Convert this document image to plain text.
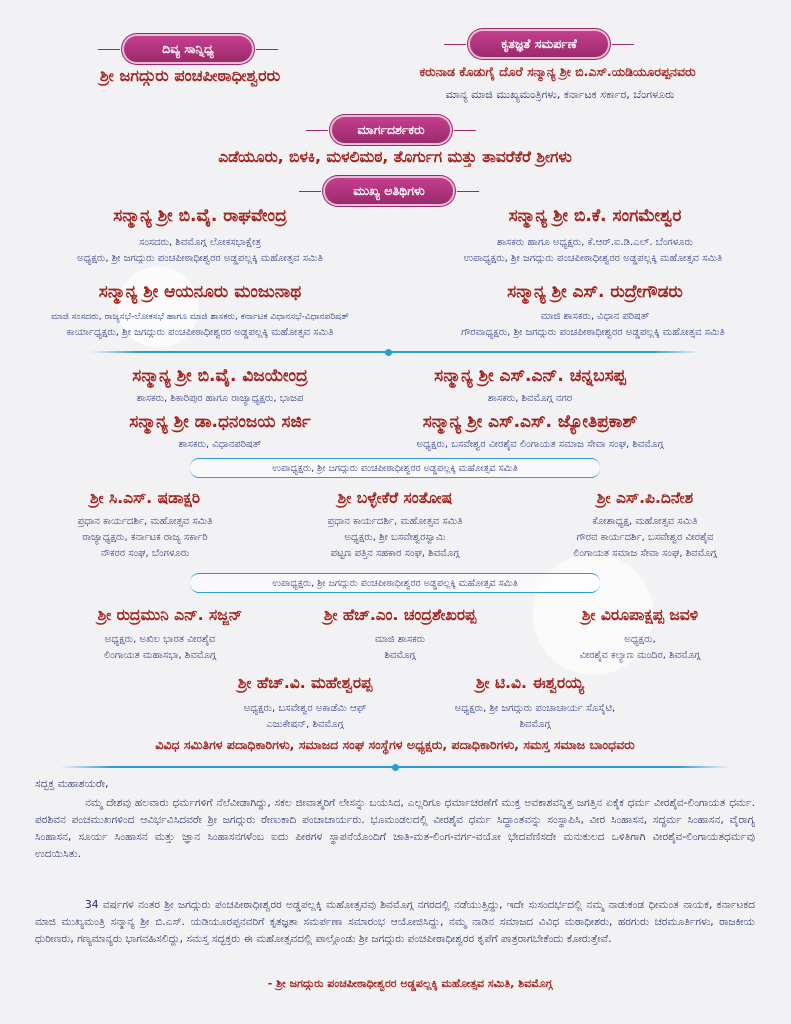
ದಿವ್ಯ ಸಾನ್ನಿಧ್ಯ	ಕೃತಜ್ಞತೆ ಸಮರ್ಪಣೆ
ಶ್ರೀ ಜಗದ್ಗುರು ಪಂಚಪೀಠಾಧೀಶ್ವರರು	ಕರುನಾಡ ಕೊಡುಗೈ ದೊರೆ ಸನ್ಮಾನ್ಯ ಶ್ರೀ ಬಿ.ಎಸ್.ಯಡಿಯೂರಪ್ಪನವರು
ಮಾನ್ಯ ಮಾಜಿ ಮುಖ್ಯಮಂತ್ರಿಗಳು, ಕರ್ನಾಟಕ ಸರ್ಕಾರ, ಬೆಂಗಳೂರು
ಮಾರ್ಗದರ್ಶಕರು
ಎಡೆಯೂರು, ಬಿಳಕಿ, ಮಳಲಿಮಠ, ತೊರ್ಗುಗ ಮತ್ತು ತಾವರೆಕೆರೆ ಶ್ರೀಗಳು
ಮುಖ್ಯ ಅತಿಥಿಗಳು
ಸನ್ಮಾನ್ಯ ಶ್ರೀ ಬಿ.ವೈ. ರಾಘವೇಂದ್ರ
ಸಂಸದರು, ಶಿವಮೊಗ್ಗ ಲೋಕಸಭಾಕ್ಷೇತ್ರ
ಅಧ್ಯಕ್ಷರು, ಶ್ರೀ ಜಗದ್ಗುರು ಪಂಚಪೀಠಾಧೀಶ್ವರರ ಅಡ್ಡಪಲ್ಲಕ್ಕಿ ಮಹೋತ್ಸವ ಸಮಿತಿ
ಸನ್ಮಾನ್ಯ ಶ್ರೀ ಬಿ.ಕೆ. ಸಂಗಮೇಶ್ವರ
ಶಾಸಕರು ಹಾಗೂ ಅಧ್ಯಕ್ಷರು, ಕೆ.ಆರ್.ಐ.ಡಿ.ಎಲ್. ಬೆಂಗಳೂರು
ಉಪಾಧ್ಯಕ್ಷರು, ಶ್ರೀ ಜಗದ್ಗುರು ಪಂಚಪೀಠಾಧೀಶ್ವರರ ಅಡ್ಡಪಲ್ಲಕ್ಕಿ ಮಹೋತ್ಸವ ಸಮಿತಿ
ಸನ್ಮಾನ್ಯ ಶ್ರೀ ಆಯನೂರು ಮಂಜುನಾಥ
ಮಾಜಿ ಸಂಸದರು, ರಾಜ್ಯಸಭೆ-ಲೋಕಸಭೆ ಹಾಗೂ ಮಾಜಿ ಶಾಸಕರು, ಕರ್ನಾಟಕ ವಿಧಾನಸಭೆ-ವಿಧಾನಪರಿಷತ್
ಕಾರ್ಯಾಧ್ಯಕ್ಷರು, ಶ್ರೀ ಜಗದ್ಗುರು ಪಂಚಪೀಠಾಧೀಶ್ವರರ ಅಡ್ಡಪಲ್ಲಕ್ಕಿ ಮಹೋತ್ಸವ ಸಮಿತಿ
ಸನ್ಮಾನ್ಯ ಶ್ರೀ ಎಸ್. ರುದ್ರೇಗೌಡರು
ಮಾಜಿ ಶಾಸಕರು, ವಿಧಾನ ಪರಿಷತ್
ಗೌರವಾಧ್ಯಕ್ಷರು, ಶ್ರೀ ಜಗದ್ಗುರು ಪಂಚಪೀಠಾಧೀಶ್ವರರ ಅಡ್ಡಪಲ್ಲಕ್ಕಿ ಮಹೋತ್ಸವ ಸಮಿತಿ
ಸನ್ಮಾನ್ಯ ಶ್ರೀ ಬಿ.ವೈ. ವಿಜಯೇಂದ್ರ
ಶಾಸಕರು, ಶಿಕಾರಿಪುರ ಹಾಗೂ ರಾಜ್ಯಾಧ್ಯಕ್ಷರು, ಭಾಜಪ
ಸನ್ಮಾನ್ಯ ಶ್ರೀ ಎಸ್.ಎನ್. ಚನ್ನಬಸಪ್ಪ
ಶಾಸಕರು, ಶಿವಮೊಗ್ಗ ನಗರ
ಸನ್ಮಾನ್ಯ ಶ್ರೀ ಡಾ.ಧನಂಜಯ ಸರ್ಜಿ
ಶಾಸಕರು, ವಿಧಾನಪರಿಷತ್
ಸನ್ಮಾನ್ಯ ಶ್ರೀ ಎಸ್.ಎಸ್. ಜ್ಯೋತಿಪ್ರಕಾಶ್
ಅಧ್ಯಕ್ಷರು, ಬಸವೇಶ್ವರ ವೀರಶೈವ ಲಿಂಗಾಯತ ಸಮಾಜ ಸೇವಾ ಸಂಘ, ಶಿವಮೊಗ್ಗ
ಉಪಾಧ್ಯಕ್ಷರು, ಶ್ರೀ ಜಗದ್ಗುರು ಪಂಚಪೀಠಾಧೀಶ್ವರರ ಅಡ್ಡಪಲ್ಲಕ್ಕಿ ಮಹೋತ್ಸವ ಸಮಿತಿ
ಶ್ರೀ ಸಿ.ಎಸ್. ಷಡಾಕ್ಷರಿ
ಪ್ರಧಾನ ಕಾರ್ಯದರ್ಶಿ, ಮಹೋತ್ಸವ ಸಮಿತಿ
ರಾಜ್ಯಾಧ್ಯಕ್ಷರು, ಕರ್ನಾಟಕ ರಾಜ್ಯ ಸರ್ಕಾರಿ
ನೌಕರರ ಸಂಘ, ಬೆಂಗಳೂರು
ಶ್ರೀ ಬಳ್ಳೇಕೆರೆ ಸಂತೋಷ
ಪ್ರಧಾನ ಕಾರ್ಯದರ್ಶಿ, ಮಹೋತ್ಸವ ಸಮಿತಿ
ಅಧ್ಯಕ್ಷರು, ಶ್ರೀ ಬಸವೇಶ್ವರಸ್ವಾಮಿ
ಪಟ್ಟಣ ಪತ್ತಿನ ಸಹಕಾರ ಸಂಘ, ಶಿವಮೊಗ್ಗ
ಶ್ರೀ ಎಸ್.ಪಿ.ದಿನೇಶ
ಕೋಶಾಧ್ಯಕ್ಷ, ಮಹೋತ್ಸವ ಸಮಿತಿ
ಗೌರವ ಕಾರ್ಯದರ್ಶಿ, ಬಸವೇಶ್ವರ ವೀರಶೈವ
ಲಿಂಗಾಯತ ಸಮಾಜ ಸೇವಾ ಸಂಘ, ಶಿವಮೊಗ್ಗ
ಉಪಾಧ್ಯಕ್ಷರು, ಶ್ರೀ ಜಗದ್ಗುರು ಪಂಚಪೀಠಾಧೀಶ್ವರರ ಅಡ್ಡಪಲ್ಲಕ್ಕಿ ಮಹೋತ್ಸವ ಸಮಿತಿ
ಶ್ರೀ ರುದ್ರಮುನಿ ಎನ್. ಸಜ್ಜನ್
ಅಧ್ಯಕ್ಷರು, ಅಖಿಲ ಭಾರತ ವೀರಶೈವ
ಲಿಂಗಾಯತ ಮಹಾಸಭಾ, ಶಿವಮೊಗ್ಗ
ಶ್ರೀ ಹೆಚ್.ಎಂ. ಚಂದ್ರಶೇಖರಪ್ಪ
ಮಾಜಿ ಶಾಸಕರು
ಶಿವಮೊಗ್ಗ
ಶ್ರೀ ವಿರೂಪಾಕ್ಷಪ್ಪ ಜವಳಿ
ಅಧ್ಯಕ್ಷರು,
ವೀರಶೈವ ಕಲ್ಯಾಣ ಮಂದಿರ, ಶಿವಮೊಗ್ಗ
ಶ್ರೀ ಹೆಚ್.ವಿ. ಮಹೇಶ್ವರಪ್ಪ
ಅಧ್ಯಕ್ಷರು, ಬಸವೇಶ್ವರ ಅಕಾಡೆಮಿ ಆಫ್
ಎಜುಕೇಷನ್, ಶಿವಮೊಗ್ಗ
ಶ್ರೀ ಟಿ.ವಿ. ಈಶ್ವರಯ್ಯ
ಅಧ್ಯಕ್ಷರು, ಶ್ರೀ ಜಗದ್ಗುರು ಪಂಚಾಚಾರ್ಯ ಸೊಸೈಟಿ,
ಶಿವಮೊಗ್ಗ
ವಿವಿಧ ಸಮಿತಿಗಳ ಪದಾಧಿಕಾರಿಗಳು, ಸಮಾಜದ ಸಂಘ ಸಂಸ್ಥೆಗಳ ಅಧ್ಯಕ್ಷರು, ಪದಾಧಿಕಾರಿಗಳು, ಸಮಸ್ತ ಸಮಾಜ ಬಾಂಧವರು
ಸದ್ಭಕ್ತ ಮಹಾಶಯರೇ,
ನಮ್ಮ ದೇಶವು ಹಲವಾರು ಧರ್ಮಗಳಿಗೆ ನೆಲೆವೀಡಾಗಿದ್ದು, ಸಕಲ ಜೀವಾತ್ಮರಿಗೆ ಲೇಸನ್ನು ಬಯಸಿದ, ಎಲ್ಲರಿಗೂ ಧರ್ಮಾಚರಣೆಗೆ ಮುಕ್ತ ಅವಕಾಶವನ್ನಿತ್ತ ಜಗತ್ತಿನ ಏಕೈಕ ಧರ್ಮ ವೀರಶೈವ-ಲಿಂಗಾಯತ ಧರ್ಮ. ಪರಶಿವನ ಪಂಚಮುಖಗಳಿಂದ ಆವಿರ್ಭವಿಸಿದವರೇ ಶ್ರೀ ಜಗದ್ಗುರು ರೇಣುಕಾದಿ ಪಂಚಾಚಾರ್ಯರು. ಭೂಮಂಡಲದಲ್ಲಿ ವೀರಶೈವ ಧರ್ಮ ಸಿದ್ಧಾಂತವನ್ನು ಸಂಸ್ಥಾಪಿಸಿ, ವೀರ ಸಿಂಹಾಸನ, ಸದ್ಧರ್ಮ ಸಿಂಹಾಸನ, ವೈರಾಗ್ಯ ಸಿಂಹಾಸನ, ಸೂರ್ಯ ಸಿಂಹಾಸನ ಮತ್ತು ಜ್ಞಾನ ಸಿಂಹಾಸನಗಳೆಂಬ ಐದು ಪೀಠಗಳ ಸ್ಥಾಪನೆಯೊಂದಿಗೆ ಜಾತಿ-ಮತ-ಲಿಂಗ-ವರ್ಗ-ವಯೋ ಭೇದವೆಣಿಸದೇ ಮನುಕುಲದ ಒಳಿತಿಗಾಗಿ ವೀರಶೈವ-ಲಿಂಗಾಯತಧರ್ಮವು ಉದಯಿಸಿತು.
34 ವರ್ಷಗಳ ನಂತರ ಶ್ರೀ ಜಗದ್ಗುರು ಪಂಚಪೀಠಾಧೀಶ್ವರರ ಅಡ್ಡಪಲ್ಲಕ್ಕಿ ಮಹೋತ್ಸವವು ಶಿವಮೊಗ್ಗ ನಗರದಲ್ಲಿ ನಡೆಯುತ್ತಿದ್ದು, ಇದೇ ಸುಸಂದರ್ಭದಲ್ಲಿ ನಮ್ಮ ನಾಡುಕಂಡ ಧೀಮಂತ ನಾಯಕ, ಕರ್ನಾಟಕದ ಮಾಜಿ ಮುಖ್ಯಮಂತ್ರಿ ಸನ್ಮಾನ್ಯ ಶ್ರೀ ಬಿ.ಎಸ್. ಯಡಿಯೂರಪ್ಪನವರಿಗೆ ಕೃತಜ್ಞತಾ ಸಮರ್ಪಣಾ ಸಮಾರಂಭ ಆಯೋಜಿಸಿದ್ದು, ನಮ್ಮ ನಾಡಿನ ಸಮಾಜದ ವಿವಿಧ ಮಠಾಧೀಶರು, ಹರಗುರು ಚರಮೂರ್ತಿಗಳು, ರಾಜಕೀಯ ಧುರೀಣರು, ಗಣ್ಯಮಾನ್ಯರು ಭಾಗವಹಿಸಲಿದ್ದು, ಸಮಸ್ತ ಸದ್ಭಕ್ತರು ಈ ಮಹೋತ್ಸವದಲ್ಲಿ ಪಾಲ್ಗೊಂಡು ಶ್ರೀ ಜಗದ್ಗುರು ಪಂಚಪೀಠಾಧೀಶ್ವರರ ಕೃಪೆಗೆ ಪಾತ್ರರಾಗಬೇಕೆಂದು ಕೋರುತ್ತೇವೆ.
- ಶ್ರೀ ಜಗದ್ಗುರು ಪಂಚಪೀಠಾಧೀಶ್ವರರ ಅಡ್ಡಪಲ್ಲಕ್ಕಿ ಮಹೋತ್ಸವ ಸಮಿತಿ, ಶಿವಮೊಗ್ಗ
